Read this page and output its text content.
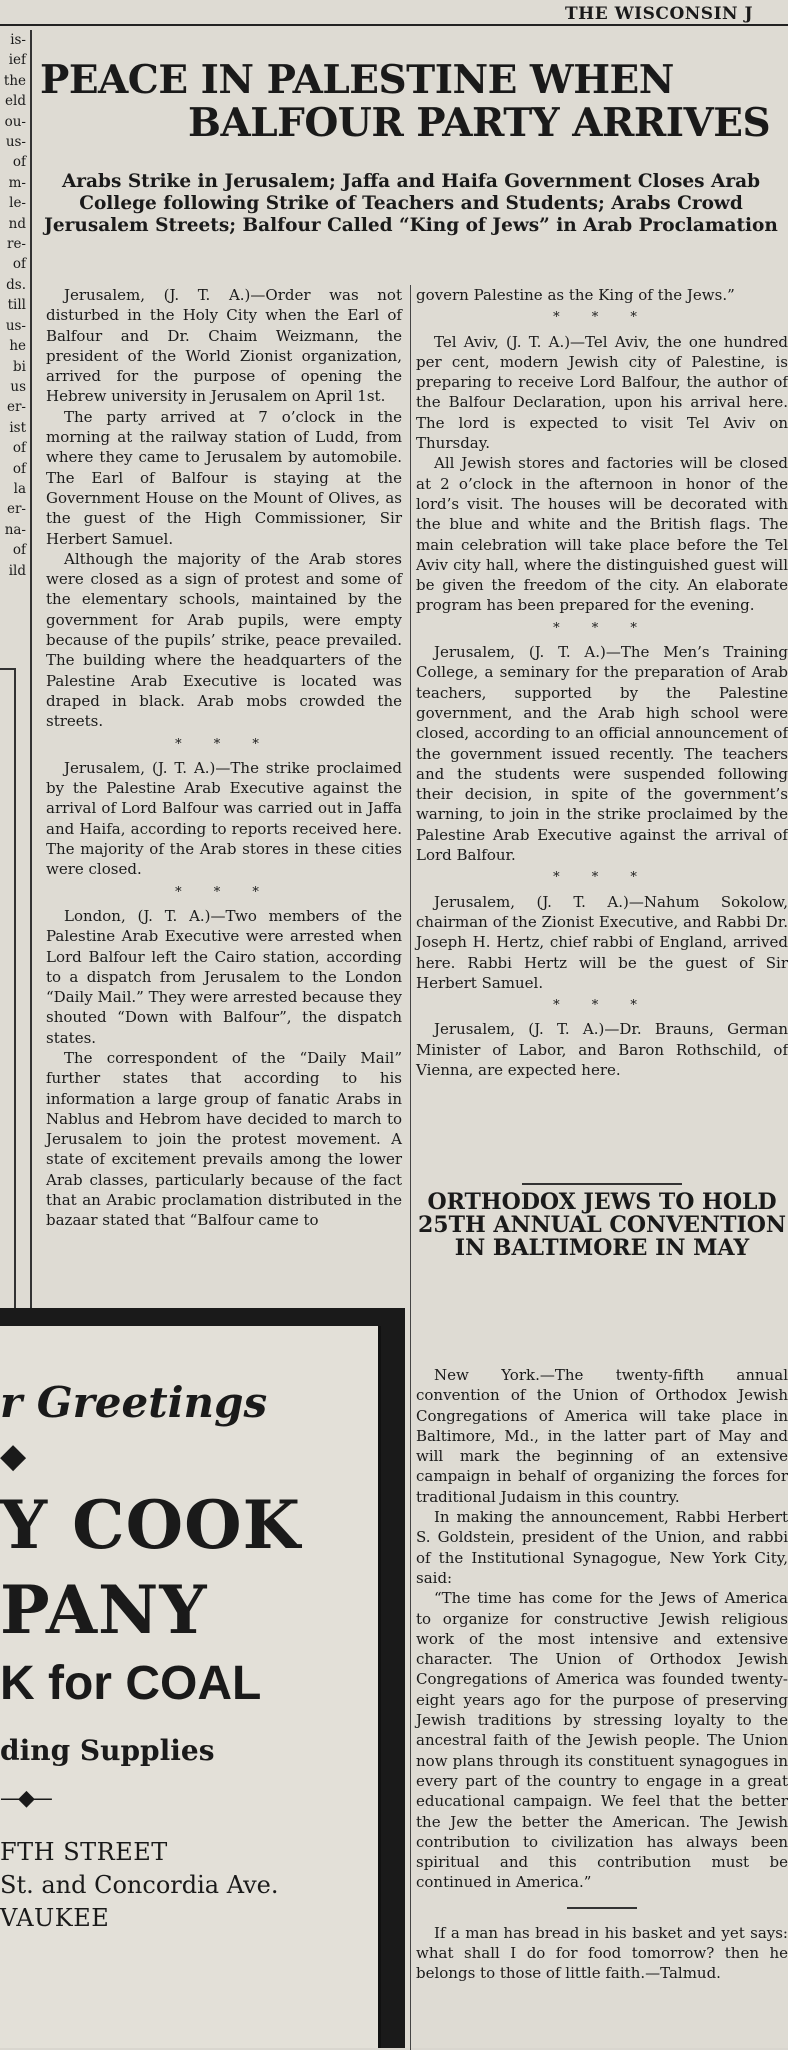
THE WISCONSIN J
is-
ief
the
eld
ou-
us-
of
m-
le-
nd
re-
of
ds.
till
us-
he
bi
us
er-
ist
of
of
la
er-
na-
of
ild
PEACE IN PALESTINE WHEN
BALFOUR PARTY ARRIVES
Arabs Strike in Jerusalem; Jaffa and Haifa Government Closes Arab College following Strike of Teachers and Students; Arabs Crowd Jerusalem Streets; Balfour Called “King of Jews” in Arab Proclamation

Jerusalem, (J. T. A.)—Order was not disturbed in the Holy City when the Earl of Balfour and Dr. Chaim Weizmann, the president of the World Zionist organization, arrived for the purpose of opening the Hebrew university in Jerusalem on April 1st.

The party arrived at 7 o’clock in the morning at the railway station of Ludd, from where they came to Jerusalem by automobile. The Earl of Balfour is staying at the Government House on the Mount of Olives, as the guest of the High Commissioner, Sir Herbert Samuel.

Although the majority of the Arab stores were closed as a sign of protest and some of the elementary schools, maintained by the government for Arab pupils, were empty because of the pupils’ strike, peace prevailed. The building where the headquarters of the Palestine Arab Executive is located was draped in black. Arab mobs crowded the streets.

* * *

Jerusalem, (J. T. A.)—The strike proclaimed by the Palestine Arab Executive against the arrival of Lord Balfour was carried out in Jaffa and Haifa, according to reports received here. The majority of the Arab stores in these cities were closed.

* * *

London, (J. T. A.)—Two members of the Palestine Arab Executive were arrested when Lord Balfour left the Cairo station, according to a dispatch from Jerusalem to the London “Daily Mail.” They were arrested because they shouted “Down with Balfour”, the dispatch states.

The correspondent of the “Daily Mail” further states that according to his information a large group of fanatic Arabs in Nablus and Hebrom have decided to march to Jerusalem to join the protest movement. A state of excitement prevails among the lower Arab classes, particularly because of the fact that an Arabic proclamation distributed in the bazaar stated that “Balfour came to

govern Palestine as the King of the Jews.”

* * *

Tel Aviv, (J. T. A.)—Tel Aviv, the one hundred per cent, modern Jewish city of Palestine, is preparing to receive Lord Balfour, the author of the Balfour Declaration, upon his arrival here. The lord is expected to visit Tel Aviv on Thursday.

All Jewish stores and factories will be closed at 2 o’clock in the afternoon in honor of the lord’s visit. The houses will be decorated with the blue and white and the British flags. The main celebration will take place before the Tel Aviv city hall, where the distinguished guest will be given the freedom of the city. An elaborate program has been prepared for the evening.

* * *

Jerusalem, (J. T. A.)—The Men’s Training College, a seminary for the preparation of Arab teachers, supported by the Palestine government, and the Arab high school were closed, according to an official announcement of the government issued recently. The teachers and the students were suspended following their decision, in spite of the government’s warning, to join in the strike proclaimed by the Palestine Arab Executive against the arrival of Lord Balfour.

* * *

Jerusalem, (J. T. A.)—Nahum Sokolow, chairman of the Zionist Executive, and Rabbi Dr. Joseph H. Hertz, chief rabbi of England, arrived here. Rabbi Hertz will be the guest of Sir Herbert Samuel.

* * *

Jerusalem, (J. T. A.)—Dr. Brauns, German Minister of Labor, and Baron Rothschild, of Vienna, are expected here.

ORTHODOX JEWS TO HOLD 25TH ANNUAL CONVENTION IN BALTIMORE IN MAY

New York.—The twenty-fifth annual convention of the Union of Orthodox Jewish Congregations of America will take place in Baltimore, Md., in the latter part of May and will mark the beginning of an extensive campaign in behalf of organizing the forces for traditional Judaism in this country.

In making the announcement, Rabbi Herbert S. Goldstein, president of the Union, and rabbi of the Institutional Synagogue, New York City, said:

“The time has come for the Jews of America to organize for constructive Jewish religious work of the most intensive and extensive character. The Union of Orthodox Jewish Congregations of America was founded twenty-eight years ago for the purpose of preserving Jewish traditions by stressing loyalty to the ancestral faith of the Jewish people. The Union now plans through its constituent synagogues in every part of the country to engage in a great educational campaign. We feel that the better the Jew the better the American. The Jewish contribution to civilization has always been spiritual and this contribution must be continued in America.”

If a man has bread in his basket and yet says: what shall I do for food tomorrow? then he belongs to those of little faith.—Talmud.

r Greetings
◆
Y COOK
PANY
K for COAL
ding Supplies
—◆—
FTH STREET
St. and Concordia Ave.
VAUKEE
